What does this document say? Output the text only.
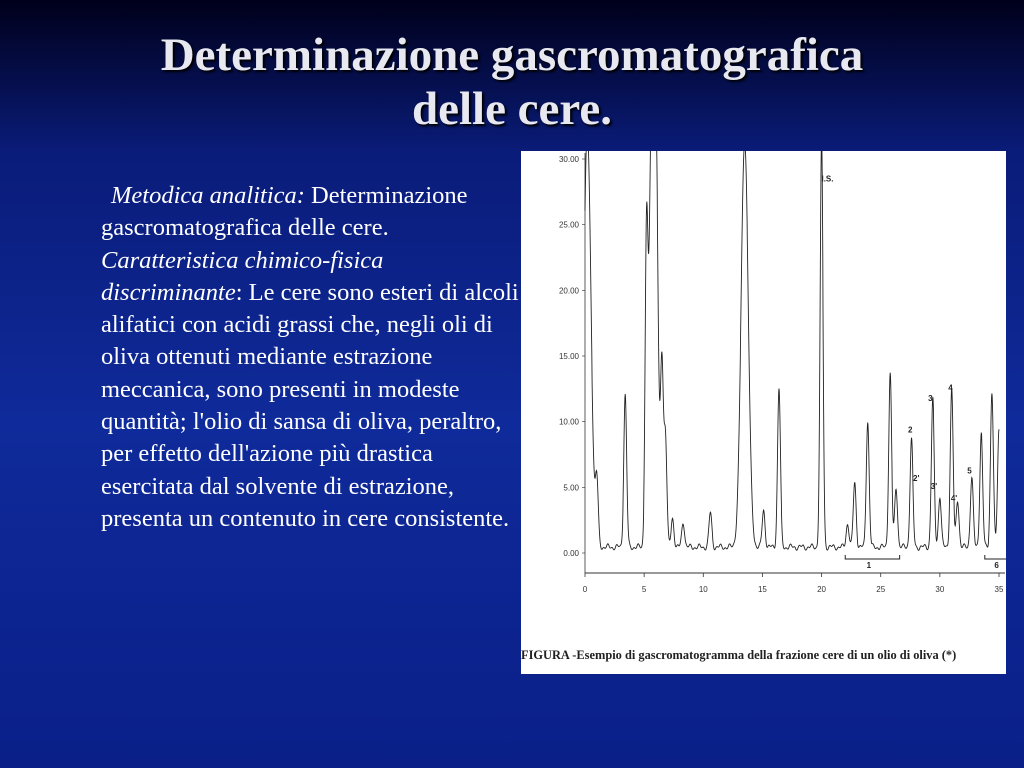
Determinazione gascromatografica
delle cere.
Metodica analitica: Determinazione gascromatografica delle cere. Caratteristica chimico-fisica discriminante: Le cere sono esteri di alcoli alifatici con acidi grassi che, negli oli di oliva ottenuti mediante estrazione meccanica, sono presenti in modeste quantità; l'olio di sansa di oliva, peraltro, per effetto dell'azione più drastica esercitata dal solvente di estrazione, presenta un contenuto in cere consistente.
0.00
5.00
10.00
15.00
20.00
25.00
30.00
0	5	10	15	20	25	30	35
I.S.
2
2'
3
3'
4
4'
5
1	6
FIGURA -Esempio di gascromatogramma della frazione cere di un olio di oliva (*)
